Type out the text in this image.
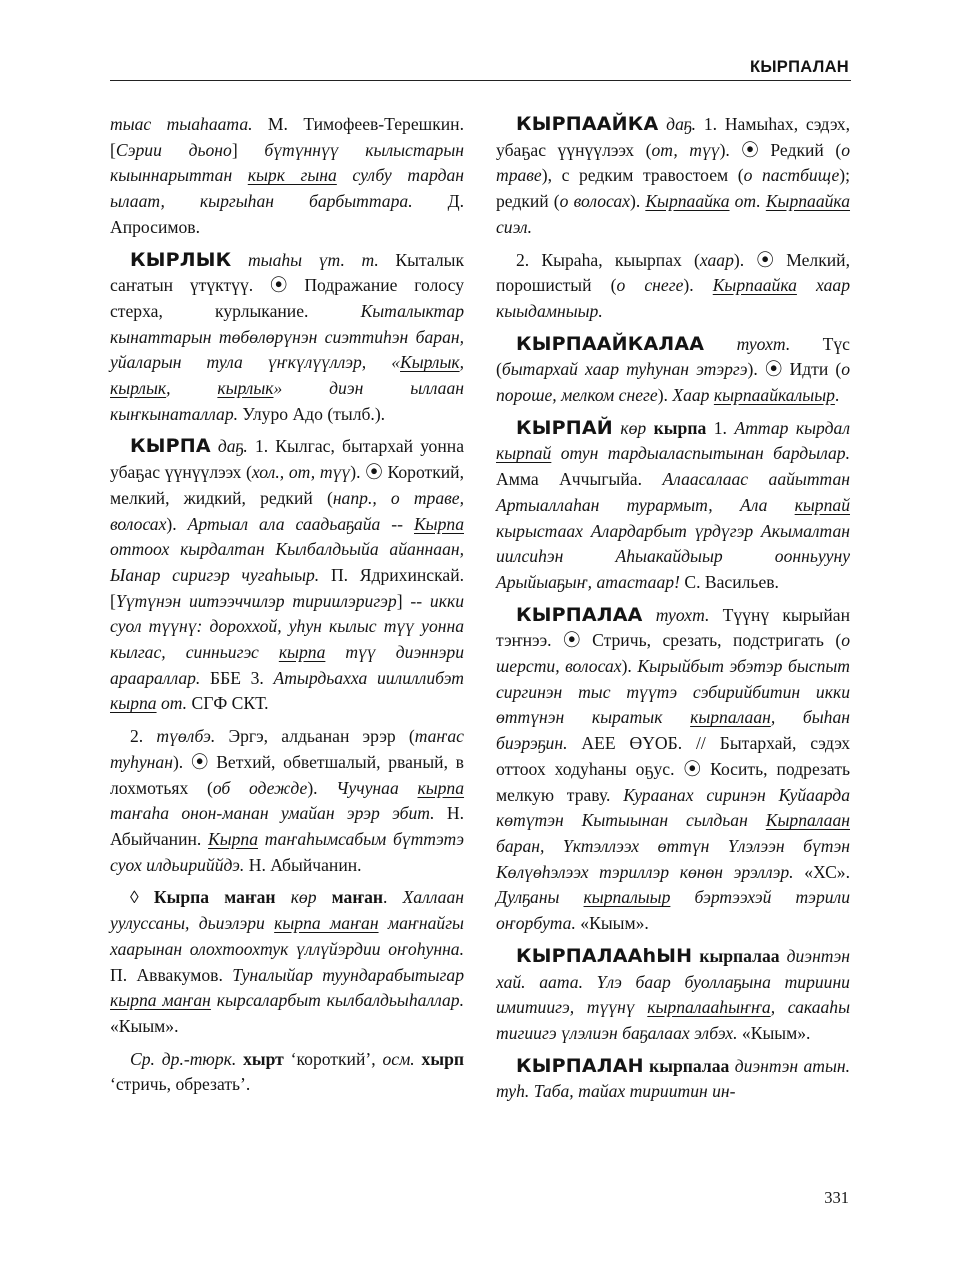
КЫРПАЛАН

тыас тыаhаата. М. Тимофеев-Терешкин. [Сэрии дьоно] бүтүннүү кылыстарын кыыннарыттан кырк гына сулбу тардан ылаат, кыргыhан барбыттара. Д. Апросимов.

КЫРЛЫК тыаhы үт. т. Кыталык саҥатын үтүктүү. ⦿ Подражание голосу стерха, курлыкание. Кыталыктар кынаттарын төбөлөрүнэн сиэттиhэн баран, уйаларын тула үҥкүлүүллэр, «Кырлык, кырлык, кырлык» диэн ыллаан кыҥкынаталлар. Улуро Адо (тылб.).

КЫРПА даҕ. 1. Кылгас, бытархай уонна убаҕас үүнүүлээх (хол., от, түү). ⦿ Короткий, мелкий, жидкий, редкий (напр., о траве, волосах). Артыал ала саадьаҕайа -- Кырпа оттоох кырдалтан Кылбалдьыйа айаннаан, Ыанар сиригэр чугаhыыр. П. Ядрихинскай. [Үүтүнэн иитээччилэр тириилэригэр] -- икки суол түүнү: дороххой, уhун кылыс түү уонна кылгас, синньигэс кырпа түү диэннэри араараллар. ББЕ 3. Атырдьахха иилиллибэт кырпа от. СГФ СКТ.

2. түөлбэ. Эргэ, алдьанан эрэр (таҥас туhунан). ⦿ Ветхий, обветшалый, рваный, в лохмотьях (об одежде). Чучунаа кырпа таҥаhа онон-манан умайан эрэр эбит. Н. Абыйчанин. Кырпа таҥаhымсабым бүттэтэ суох илдьириййдэ. Н. Абыйчанин.

◊ Кырпа маҥан көр маҥан. Халлаан уулуссаны, дьиэлэри кырпа маҥан маҥнайгы хаарынан олохтоохтук үллүйэрдии оҥоhунна. П. Аввакумов. Туналыйар туундарабытыгар кырпа маҥан кырсаларбыт кылбалдьыhаллар. «Кыым».

Ср. др.-тюрк. хырт ‘короткий’, осм. хырп ‘стричь, обрезать’.

КЫРПААЙКА даҕ. 1. Намыhах, сэдэх, убаҕас үүнүүлээх (от, түү). ⦿ Редкий (о траве), с редким травостоем (о пастбище); редкий (о волосах). Кырпаайка от. Кырпаайка сиэл.

2. Кыраhа, кыырпах (хаар). ⦿ Мелкий, порошистый (о снеге). Кырпаайка хаар кыыдамныыр.

КЫРПААЙКАЛАА туохт. Түс (бытархай хаар туhунан этэргэ). ⦿ Идти (о пороше, мелком снеге). Хаар кырпаайкалыыр.

КЫРПАЙ көр кырпа 1. Аттар кырдал кырпай отун тардыаласпытынан бардылар. Амма Аччыгыйа. Алаасалаас аайыттан Артыаллаhан турармыт, Ала кырпай кырыстаах Алардарбыт үрдүгэр Акымалтан иилсиhэн Аhыакайдыыр оонньууну Арыйыаҕыҥ, атастаар! С. Васильев.

КЫРПАЛАА туохт. Түүнү кырыйан тэҥнээ. ⦿ Стричь, срезать, подстригать (о шерсти, волосах). Кырыйбыт эбэтэр быспыт сиргинэн тыс түүтэ сэбирийбитин икки өттүнэн кыратык кырпалаан, быhан биэрэҕин. АЕЕ ӨҮОБ. // Бытархай, сэдэх оттоох ходуhаны оҕус. ⦿ Косить, подрезать мелкую траву. Кураанах сиринэн Куйаарда көтүтэн Кытыынан сылдьан Кырпалаан баран, Үктэллээх өттүн Үлэлээн бүтэн Көлүөhэлээх тэриллэр көнөн эрэллэр. «ХС». Дулҕаны кырпалыыр бэртээхэй тэрили оҥорбута. «Кыым».

КЫРПАЛААhЫН кырпалаа диэнтэн хай. аата. Үлэ баар буоллаҕына тириини имитиигэ, түүнү кырпалааhыҥҥа, сакааhы тигиигэ үлэлиэн баҕалаах элбэх. «Кыым».

КЫРПАЛАН кырпалаа диэнтэн атын. туh. Таба, тайах тириитин ин-

331
